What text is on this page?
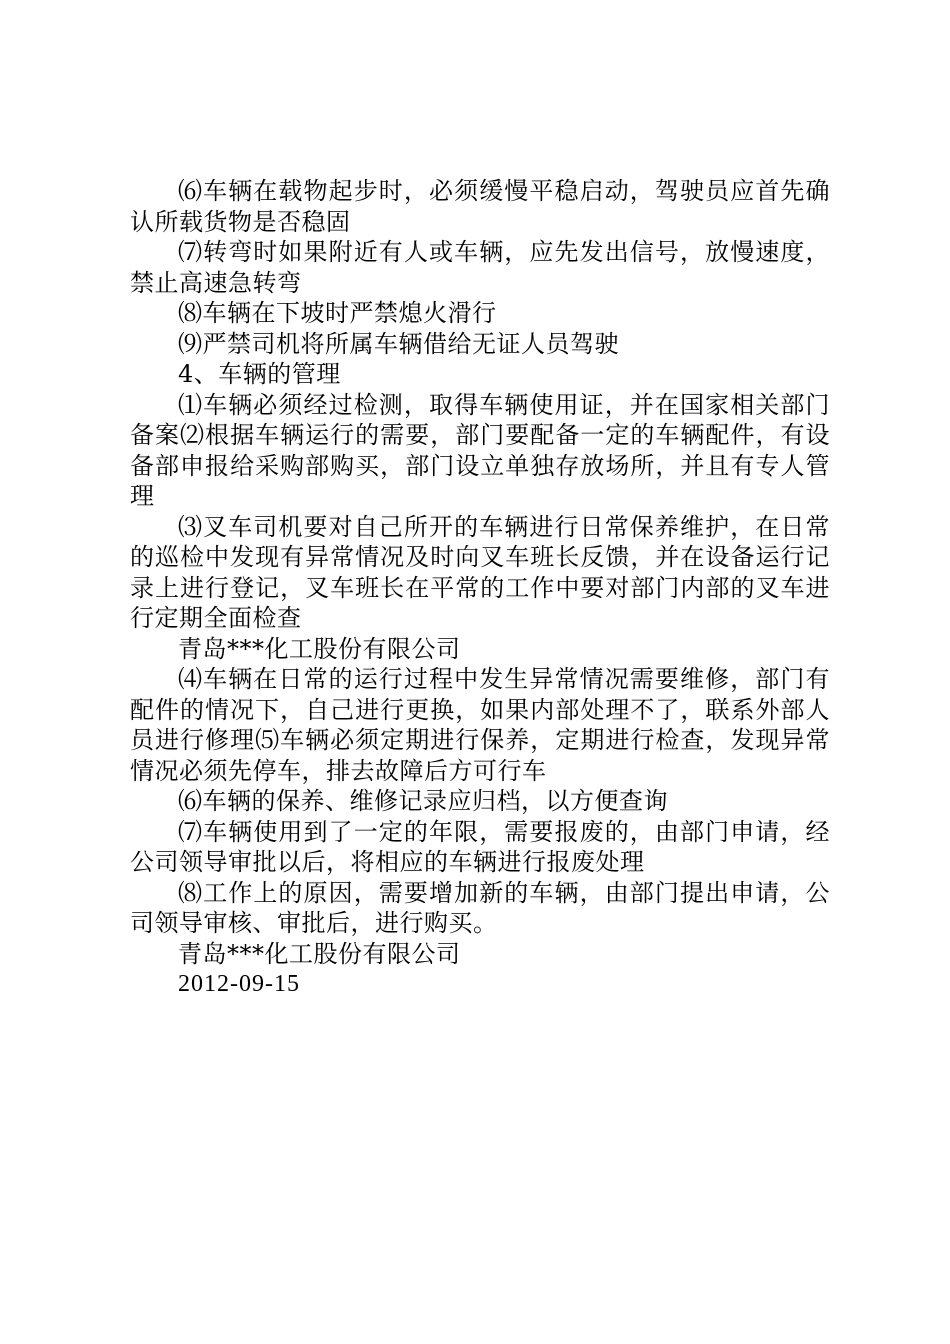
⑹车辆在载物起步时，必须缓慢平稳启动，驾驶员应首先确认所载货物是否稳固

⑺转弯时如果附近有人或车辆，应先发出信号，放慢速度，禁止高速急转弯

⑻车辆在下坡时严禁熄火滑行

⑼严禁司机将所属车辆借给无证人员驾驶

4、车辆的管理

⑴车辆必须经过检测，取得车辆使用证，并在国家相关部门备案⑵根据车辆运行的需要，部门要配备一定的车辆配件，有设备部申报给采购部购买，部门设立单独存放场所，并且有专人管理

⑶叉车司机要对自己所开的车辆进行日常保养维护，在日常的巡检中发现有异常情况及时向叉车班长反馈，并在设备运行记录上进行登记，叉车班长在平常的工作中要对部门内部的叉车进行定期全面检查

青岛***化工股份有限公司

⑷车辆在日常的运行过程中发生异常情况需要维修，部门有配件的情况下，自己进行更换，如果内部处理不了，联系外部人员进行修理⑸车辆必须定期进行保养，定期进行检查，发现异常情况必须先停车，排去故障后方可行车

⑹车辆的保养、维修记录应归档，以方便查询

⑺车辆使用到了一定的年限，需要报废的，由部门申请，经公司领导审批以后，将相应的车辆进行报废处理

⑻工作上的原因，需要增加新的车辆，由部门提出申请，公司领导审核、审批后，进行购买。

青岛***化工股份有限公司

2012-09-15
